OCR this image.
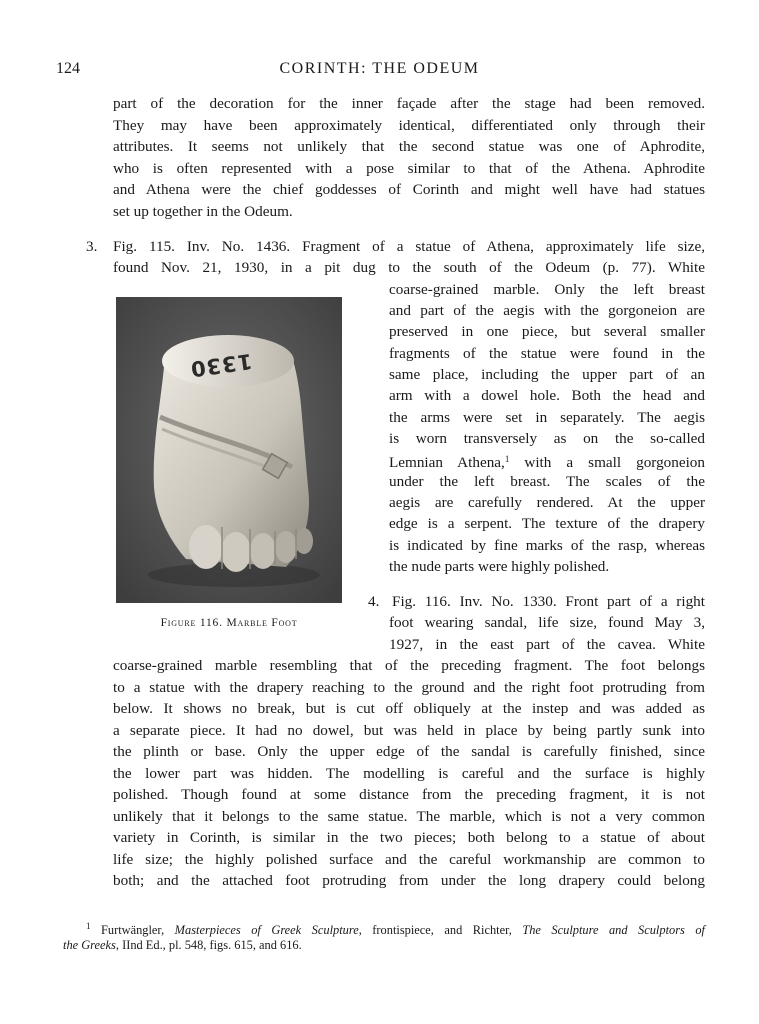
124	CORINTH: THE ODEUM
part of the decoration for the inner façade after the stage had been removed.
They may have been approximately identical, differentiated only through their
attributes. It seems not unlikely that the second statue was one of Aphrodite,
who is often represented with a pose similar to that of the Athena. Aphrodite
and Athena were the chief goddesses of Corinth and might well have had statues
set up together in the Odeum.
3. Fig. 115. Inv. No. 1436. Fragment of a statue of Athena, approximately life size,
found Nov. 21, 1930, in a pit dug to the south of the Odeum (p. 77). White
coarse-grained marble. Only the left breast
and part of the aegis with the gorgoneion are
preserved in one piece, but several smaller
fragments of the statue were found in the
same place, including the upper part of an
arm with a dowel hole. Both the head and
the arms were set in separately. The aegis
is worn transversely as on the so-called
Lemnian Athena,$^1$ with a small gorgoneion
under the left breast. The scales of the
aegis are carefully rendered. At the upper
edge is a serpent. The texture of the drapery
is indicated by fine marks of the rasp, whereas
the nude parts were highly polished.
1330
Figure 116. Marble Foot
4. Fig. 116. Inv. No. 1330. Front part of a right
foot wearing sandal, life size, found May 3,
1927, in the east part of the cavea. White
coarse-grained marble resembling that of the preceding fragment. The foot belongs
to a statue with the drapery reaching to the ground and the right foot protruding from
below. It shows no break, but is cut off obliquely at the instep and was added as
a separate piece. It had no dowel, but was held in place by being partly sunk into
the plinth or base. Only the upper edge of the sandal is carefully finished, since
the lower part was hidden. The modelling is careful and the surface is highly
polished. Though found at some distance from the preceding fragment, it is not
unlikely that it belongs to the same statue. The marble, which is not a very common
variety in Corinth, is similar in the two pieces; both belong to a statue of about
life size; the highly polished surface and the careful workmanship are common to
both; and the attached foot protruding from under the long drapery could belong
$^1$ Furtwängler, Masterpieces of Greek Sculpture, frontispiece, and Richter, The Sculpture and Sculptors of
the Greeks, IInd Ed., pl. 548, figs. 615, and 616.
